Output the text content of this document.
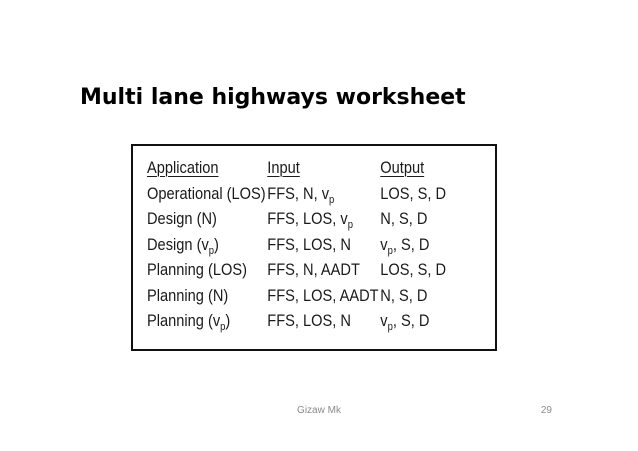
Multi lane highways worksheet
Application	Input	Output
Operational (LOS)	FFS, N, $v_p$	LOS, S, D
Design (N)	FFS, LOS, $v_p$	N, S, D
Design $(v_p)$	FFS, LOS, N	$v_p$, S, D
Planning (LOS)	FFS, N, AADT	LOS, S, D
Planning (N)	FFS, LOS, AADT	N, S, D
Planning $(v_p)$	FFS, LOS, N	$v_p$, S, D
Gizaw Mk	29
